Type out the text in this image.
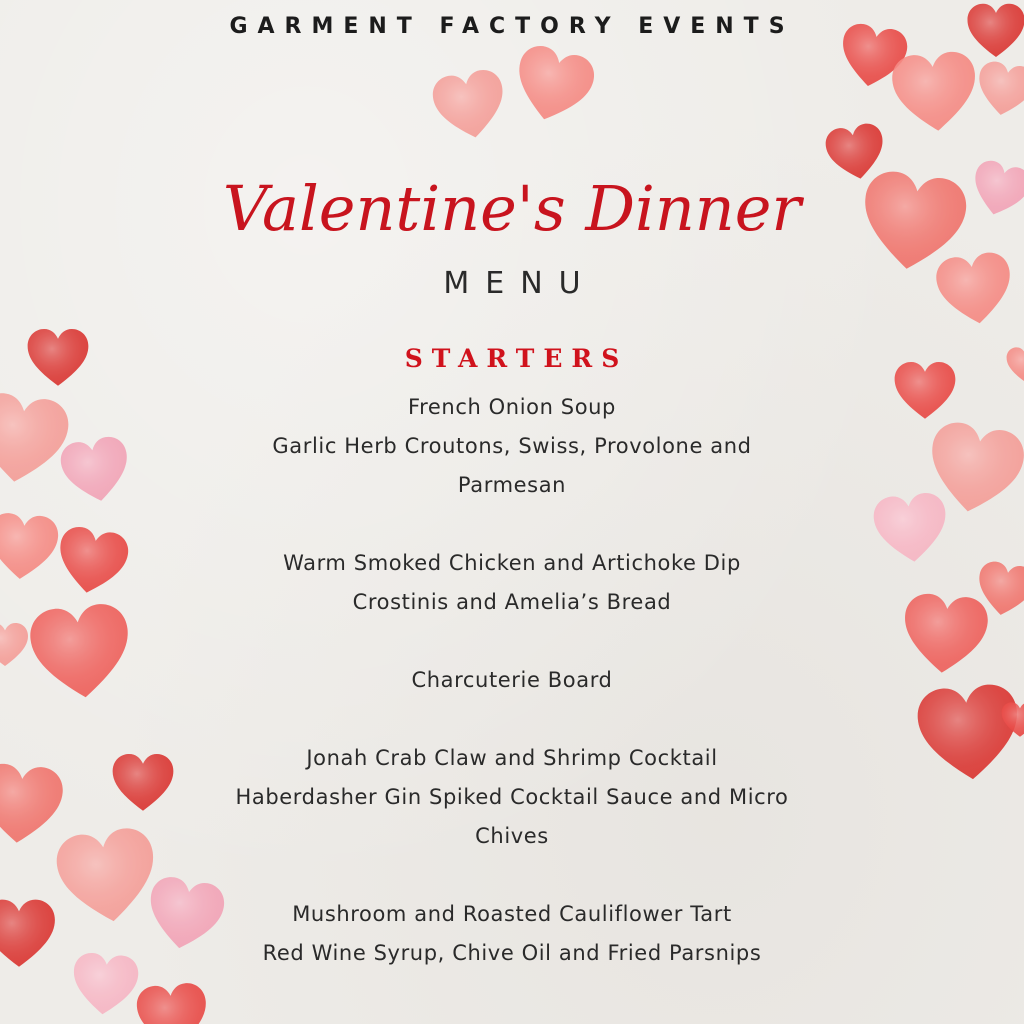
GARMENT FACTORY EVENTS
Valentine's Dinner
MENU
STARTERS
French Onion Soup
Garlic Herb Croutons, Swiss, Provolone and
Parmesan
Warm Smoked Chicken and Artichoke Dip
Crostinis and Amelia’s Bread
Charcuterie Board
Jonah Crab Claw and Shrimp Cocktail
Haberdasher Gin Spiked Cocktail Sauce and Micro
Chives
Mushroom and Roasted Cauliflower Tart
Red Wine Syrup, Chive Oil and Fried Parsnips
